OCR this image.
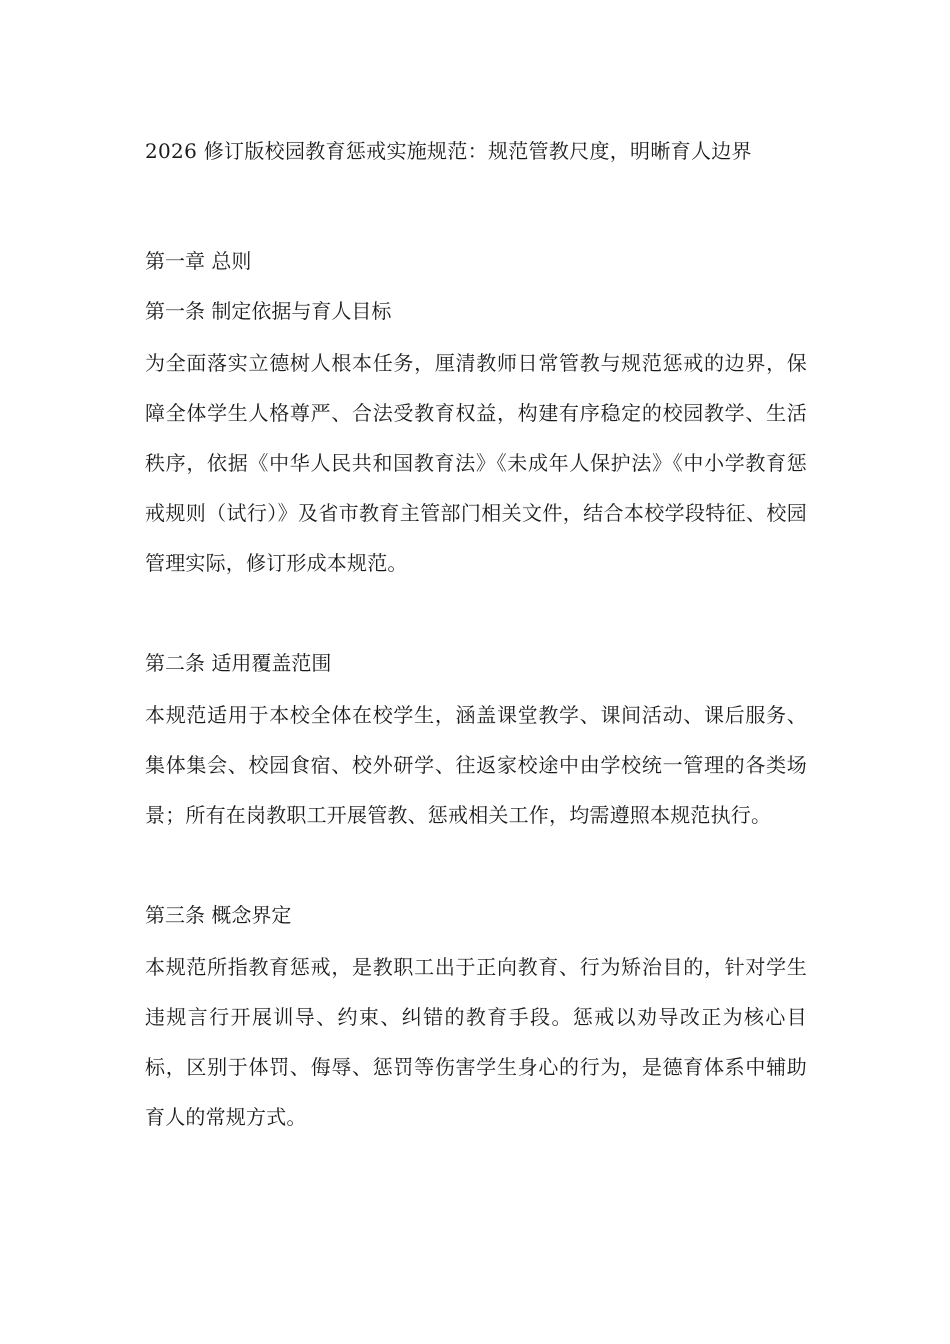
2026 修订版校园教育惩戒实施规范：规范管教尺度，明晰育人边界
第一章 总则
第一条 制定依据与育人目标

为全面落实立德树人根本任务，厘清教师日常管教与规范惩戒的边界，保障全体学生人格尊严、合法受教育权益，构建有序稳定的校园教学、生活秩序，依据《中华人民共和国教育法》《未成年人保护法》《中小学教育惩戒规则（试行）》及省市教育主管部门相关文件，结合本校学段特征、校园管理实际，修订形成本规范。

第二条 适用覆盖范围

本规范适用于本校全体在校学生，涵盖课堂教学、课间活动、课后服务、集体集会、校园食宿、校外研学、往返家校途中由学校统一管理的各类场景；所有在岗教职工开展管教、惩戒相关工作，均需遵照本规范执行。

第三条 概念界定

本规范所指教育惩戒，是教职工出于正向教育、行为矫治目的，针对学生违规言行开展训导、约束、纠错的教育手段。惩戒以劝导改正为核心目标，区别于体罚、侮辱、惩罚等伤害学生身心的行为，是德育体系中辅助育人的常规方式。
